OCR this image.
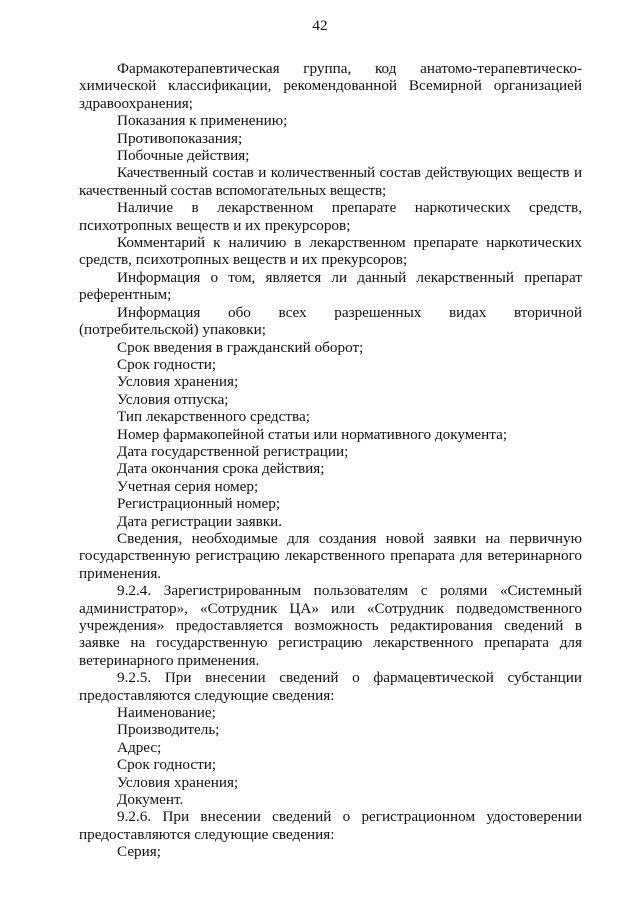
42

Фармакотерапевтическая группа, код анатомо-терапевтическо-химической классификации, рекомендованной Всемирной организацией здравоохранения;

Показания к применению;

Противопоказания;

Побочные действия;

Качественный состав и количественный состав действующих веществ и качественный состав вспомогательных веществ;

Наличие в лекарственном препарате наркотических средств, психотропных веществ и их прекурсоров;

Комментарий к наличию в лекарственном препарате наркотических средств, психотропных веществ и их прекурсоров;

Информация о том, является ли данный лекарственный препарат референтным;

Информация обо всех разрешенных видах вторичной (потребительской) упаковки;

Срок введения в гражданский оборот;

Срок годности;

Условия хранения;

Условия отпуска;

Тип лекарственного средства;

Номер фармакопейной статьи или нормативного документа;

Дата государственной регистрации;

Дата окончания срока действия;

Учетная серия номер;

Регистрационный номер;

Дата регистрации заявки.

Сведения, необходимые для создания новой заявки на первичную государственную регистрацию лекарственного препарата для ветеринарного применения.

9.2.4. Зарегистрированным пользователям с ролями «Системный администратор», «Сотрудник ЦА» или «Сотрудник подведомственного учреждения» предоставляется возможность редактирования сведений в заявке на государственную регистрацию лекарственного препарата для ветеринарного применения.

9.2.5. При внесении сведений о фармацевтической субстанции предоставляются следующие сведения:

Наименование;

Производитель;

Адрес;

Срок годности;

Условия хранения;

Документ.

9.2.6. При внесении сведений о регистрационном удостоверении предоставляются следующие сведения:

Серия;
